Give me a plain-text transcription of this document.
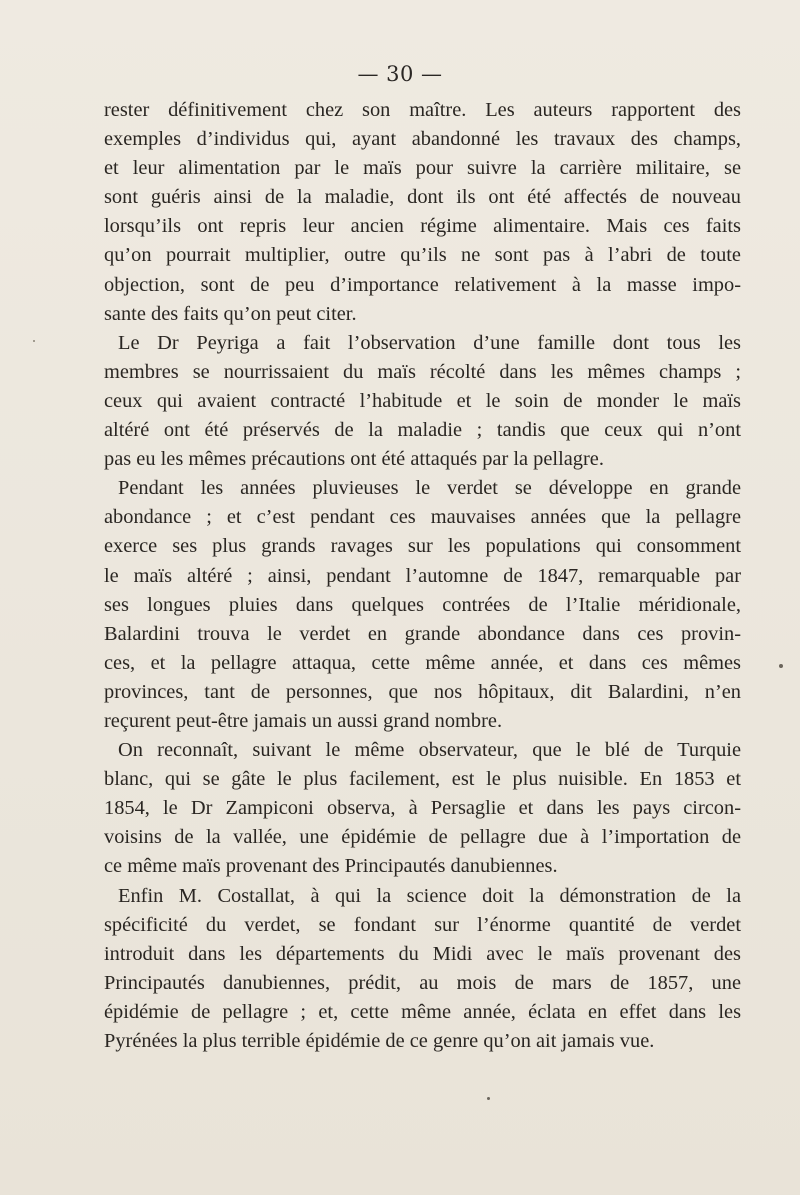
— 30 —
rester définitivement chez son maître. Les auteurs rapportent des
exemples d’individus qui, ayant abandonné les travaux des champs,
et leur alimentation par le maïs pour suivre la carrière militaire, se
sont guéris ainsi de la maladie, dont ils ont été affectés de nouveau
lorsqu’ils ont repris leur ancien régime alimentaire. Mais ces faits
qu’on pourrait multiplier, outre qu’ils ne sont pas à l’abri de toute
objection, sont de peu d’importance relativement à la masse impo-
sante des faits qu’on peut citer.
Le Dr Peyriga a fait l’observation d’une famille dont tous les
membres se nourrissaient du maïs récolté dans les mêmes champs ;
ceux qui avaient contracté l’habitude et le soin de monder le maïs
altéré ont été préservés de la maladie ; tandis que ceux qui n’ont
pas eu les mêmes précautions ont été attaqués par la pellagre.
Pendant les années pluvieuses le verdet se développe en grande
abondance ; et c’est pendant ces mauvaises années que la pellagre
exerce ses plus grands ravages sur les populations qui consomment
le maïs altéré ; ainsi, pendant l’automne de 1847, remarquable par
ses longues pluies dans quelques contrées de l’Italie méridionale,
Balardini trouva le verdet en grande abondance dans ces provin-
ces, et la pellagre attaqua, cette même année, et dans ces mêmes
provinces, tant de personnes, que nos hôpitaux, dit Balardini, n’en
reçurent peut-être jamais un aussi grand nombre.
On reconnaît, suivant le même observateur, que le blé de Turquie
blanc, qui se gâte le plus facilement, est le plus nuisible. En 1853 et
1854, le Dr Zampiconi observa, à Persaglie et dans les pays circon-
voisins de la vallée, une épidémie de pellagre due à l’importation de
ce même maïs provenant des Principautés danubiennes.
Enfin M. Costallat, à qui la science doit la démonstration de la
spécificité du verdet, se fondant sur l’énorme quantité de verdet
introduit dans les départements du Midi avec le maïs provenant des
Principautés danubiennes, prédit, au mois de mars de 1857, une
épidémie de pellagre ; et, cette même année, éclata en effet dans les
Pyrénées la plus terrible épidémie de ce genre qu’on ait jamais vue.
